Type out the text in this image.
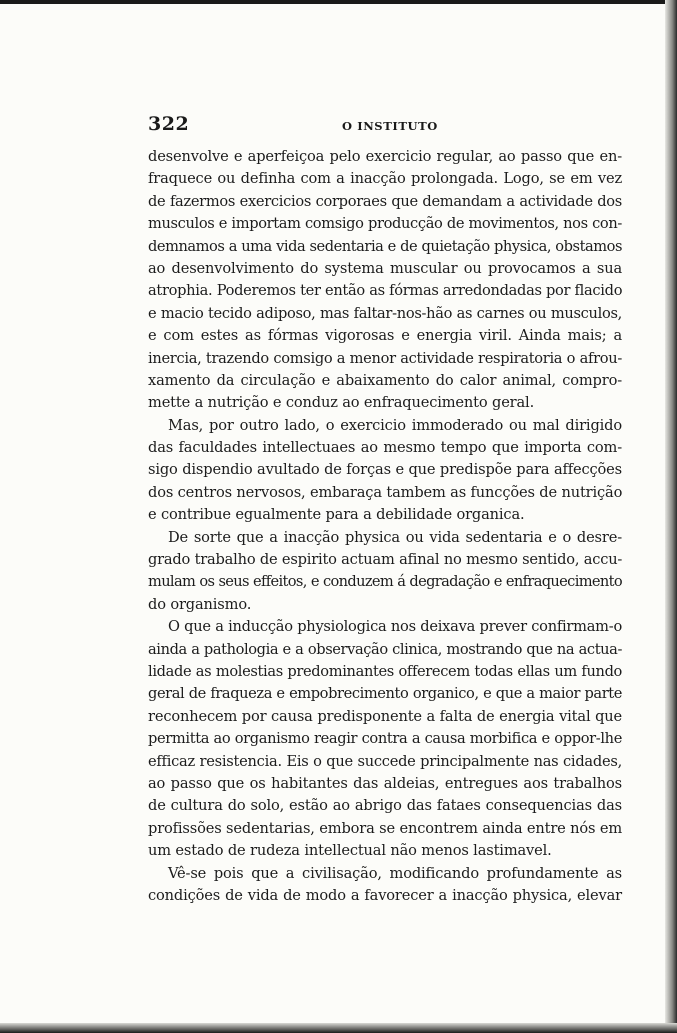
322	O INSTITUTO
desenvolve e aperfeiçoa pelo exercicio regular, ao passo que en-
fraquece ou definha com a inacção prolongada. Logo, se em vez
de fazermos exercicios corporaes que demandam a actividade dos
musculos e importam comsigo producção de movimentos, nos con-
demnamos a uma vida sedentaria e de quietação physica, obstamos
ao desenvolvimento do systema muscular ou provocamos a sua
atrophia. Poderemos ter então as fórmas arredondadas por flacido
e macio tecido adiposo, mas faltar-nos-hão as carnes ou musculos,
e com estes as fórmas vigorosas e energia viril. Ainda mais; a
inercia, trazendo comsigo a menor actividade respiratoria o afrou-
xamento da circulação e abaixamento do calor animal, compro-
mette a nutrição e conduz ao enfraquecimento geral.
Mas, por outro lado, o exercicio immoderado ou mal dirigido
das faculdades intellectuaes ao mesmo tempo que importa com-
sigo dispendio avultado de forças e que predispõe para affecções
dos centros nervosos, embaraça tambem as funcções de nutrição
e contribue egualmente para a debilidade organica.
De sorte que a inacção physica ou vida sedentaria e o desre-
grado trabalho de espirito actuam afinal no mesmo sentido, accu-
mulam os seus effeitos, e conduzem á degradação e enfraquecimento
do organismo.
O que a inducção physiologica nos deixava prever confirmam-o
ainda a pathologia e a observação clinica, mostrando que na actua-
lidade as molestias predominantes offerecem todas ellas um fundo
geral de fraqueza e empobrecimento organico, e que a maior parte
reconhecem por causa predisponente a falta de energia vital que
permitta ao organismo reagir contra a causa morbifica e oppor-lhe
efficaz resistencia. Eis o que succede principalmente nas cidades,
ao passo que os habitantes das aldeias, entregues aos trabalhos
de cultura do solo, estão ao abrigo das fataes consequencias das
profissões sedentarias, embora se encontrem ainda entre nós em
um estado de rudeza intellectual não menos lastimavel.
Vê-se pois que a civilisação, modificando profundamente as
condições de vida de modo a favorecer a inacção physica, elevar
